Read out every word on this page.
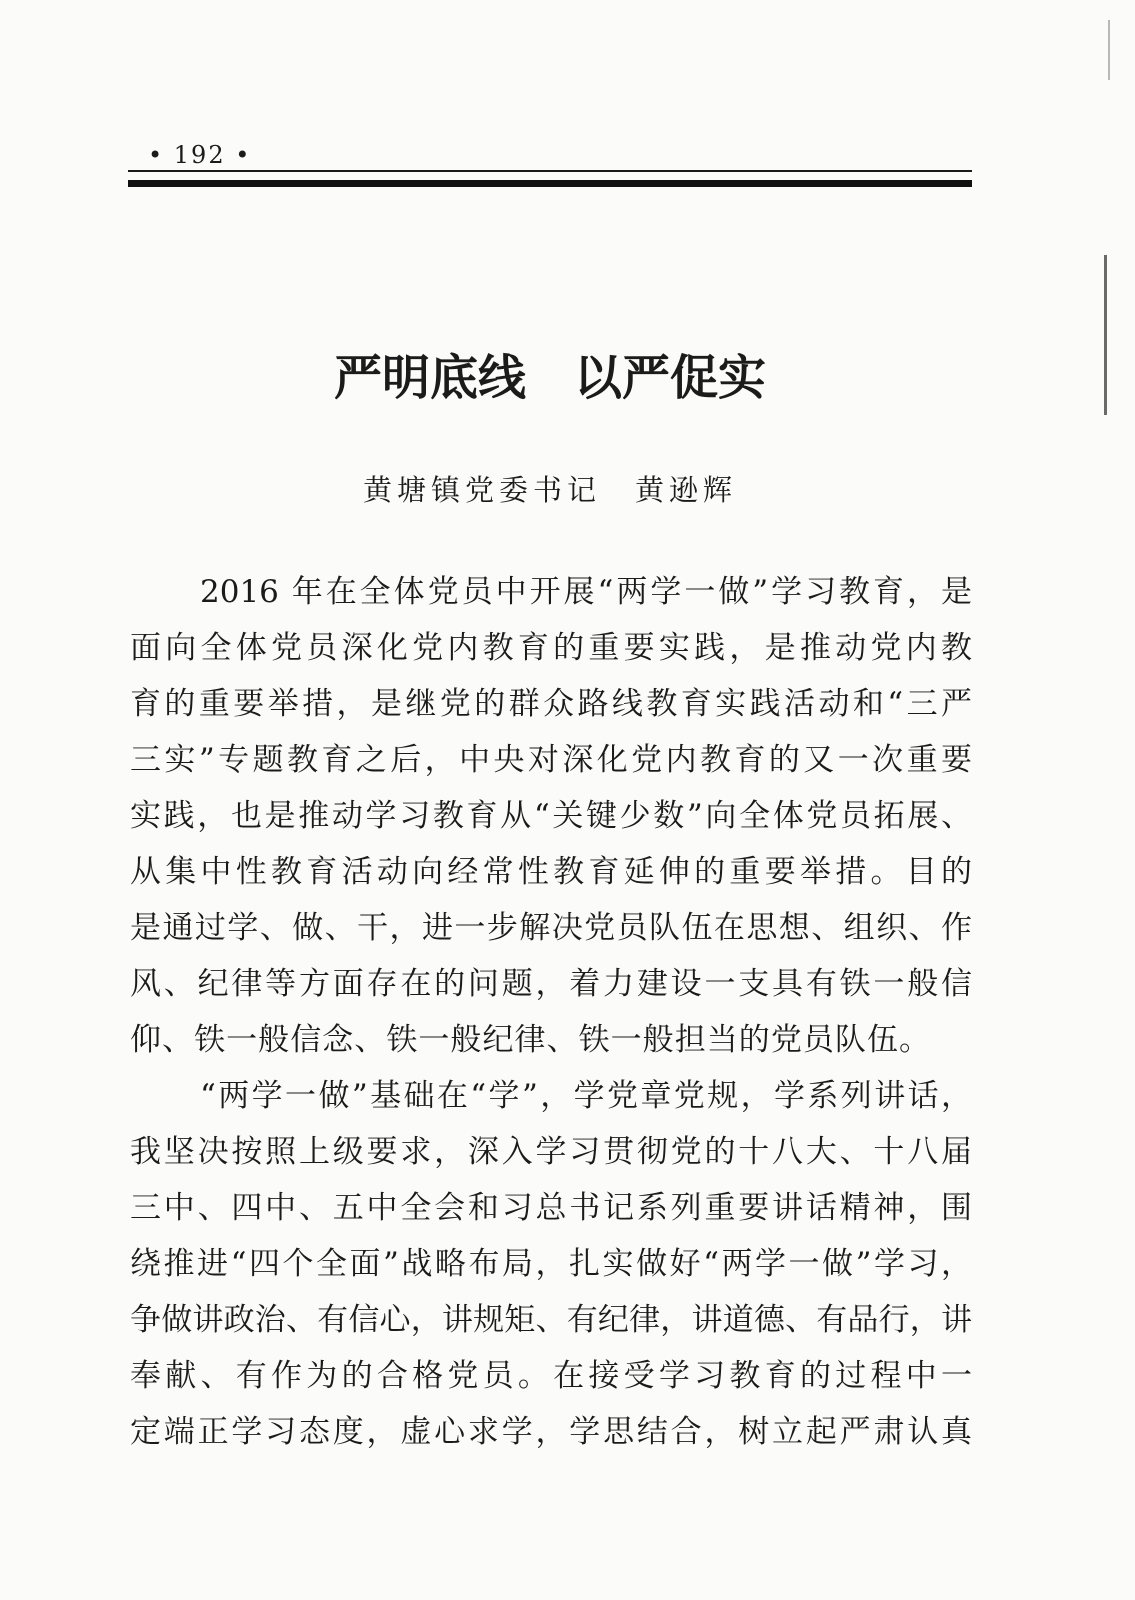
• 192 •
严明底线　以严促实
黄塘镇党委书记　黄逊辉
2016 年在全体党员中开展“两学一做”学习教育，是
面向全体党员深化党内教育的重要实践，是推动党内教
育的重要举措，是继党的群众路线教育实践活动和“三严
三实”专题教育之后，中央对深化党内教育的又一次重要
实践，也是推动学习教育从“关键少数”向全体党员拓展、
从集中性教育活动向经常性教育延伸的重要举措。目的
是通过学、做、干，进一步解决党员队伍在思想、组织、作
风、纪律等方面存在的问题，着力建设一支具有铁一般信
仰、铁一般信念、铁一般纪律、铁一般担当的党员队伍。
“两学一做”基础在“学”，学党章党规，学系列讲话，
我坚决按照上级要求，深入学习贯彻党的十八大、十八届
三中、四中、五中全会和习总书记系列重要讲话精神，围
绕推进“四个全面”战略布局，扎实做好“两学一做”学习，
争做讲政治、有信心，讲规矩、有纪律，讲道德、有品行，讲
奉献、有作为的合格党员。在接受学习教育的过程中一
定端正学习态度，虚心求学，学思结合，树立起严肃认真
